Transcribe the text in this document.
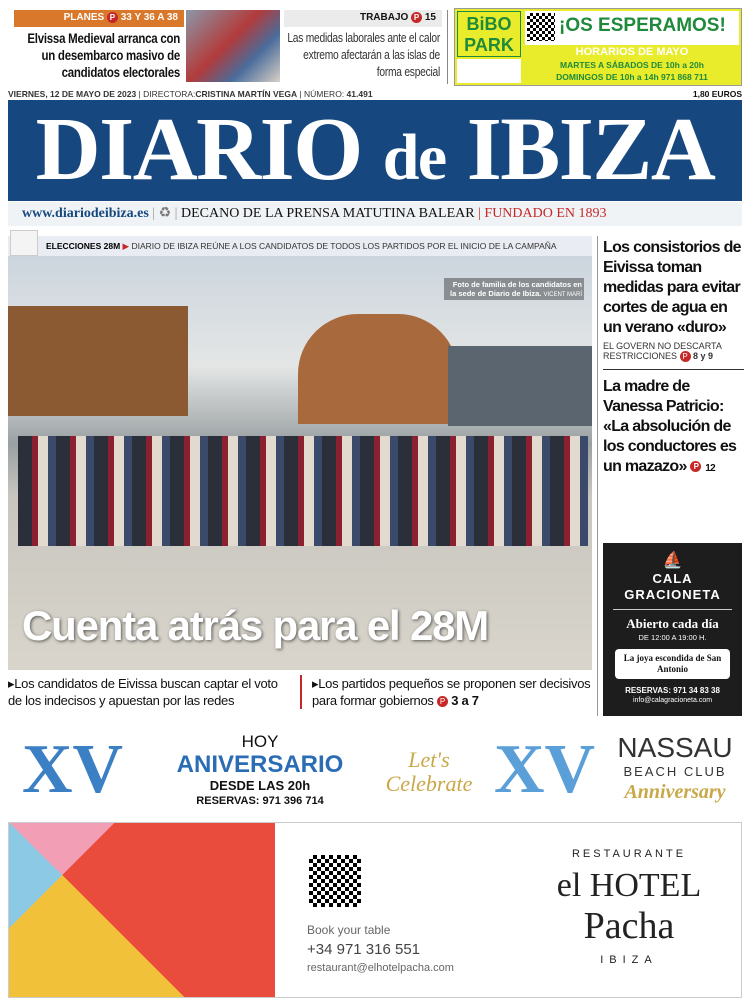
PLANES P 33 Y 36 A 38
Elvissa Medieval arranca con un desembarco masivo de candidatos electorales
TRABAJO P 15
Las medidas laborales ante el calor extremo afectarán a las islas de forma especial
BiBO PARK
¡OS ESPERAMOS!
HORARIOS DE MAYO
MARTES A SÁBADOS DE 10h a 20h
DOMINGOS DE 10h a 14h 971 868 711
VIERNES, 12 DE MAYO DE 2023 | DIRECTORA:CRISTINA MARTÍN VEGA | NÚMERO: 41.491	1,80 EUROS
DIARIO de IBIZA
www.diariodeibiza.es | ♻ | DECANO DE LA PRENSA MATUTINA BALEAR | FUNDADO EN 1893
ELECCIONES 28M ▶ DIARIO DE IBIZA REÚNE A LOS CANDIDATOS DE TODOS LOS PARTIDOS POR EL INICIO DE LA CAMPAÑA
Foto de familia de los candidatos en la sede de Diario de Ibiza. VICENT MARÍ
Cuenta atrás para el 28M
▸Los candidatos de Eivissa buscan captar el voto de los indecisos y apuestan por las redes
▸Los partidos pequeños se proponen ser decisivos para formar gobiernos P 3 a 7
Los consistorios de Eivissa toman medidas para evitar cortes de agua en un verano «duro»
EL GOVERN NO DESCARTA RESTRICCIONES P 8 y 9
La madre de Vanessa Patricio: «La absolución de los conductores es un mazazo» P 12
⛵
CALA GRACIONETA
Abierto cada día
DE 12:00 A 19:00 H.
La joya escondida de San Antonio
RESERVAS: 971 34 83 38
info@calagracioneta.com
XV	HOY
ANIVERSARIO
DESDE LAS 20h
RESERVAS: 971 396 714
Let's Celebrate XV NASSAU
BEACH CLUB
Anniversary
Book your table
+34 971 316 551
restaurant@elhotelpacha.com
RESTAURANTE
el HOTEL
Pacha
IBIZA
